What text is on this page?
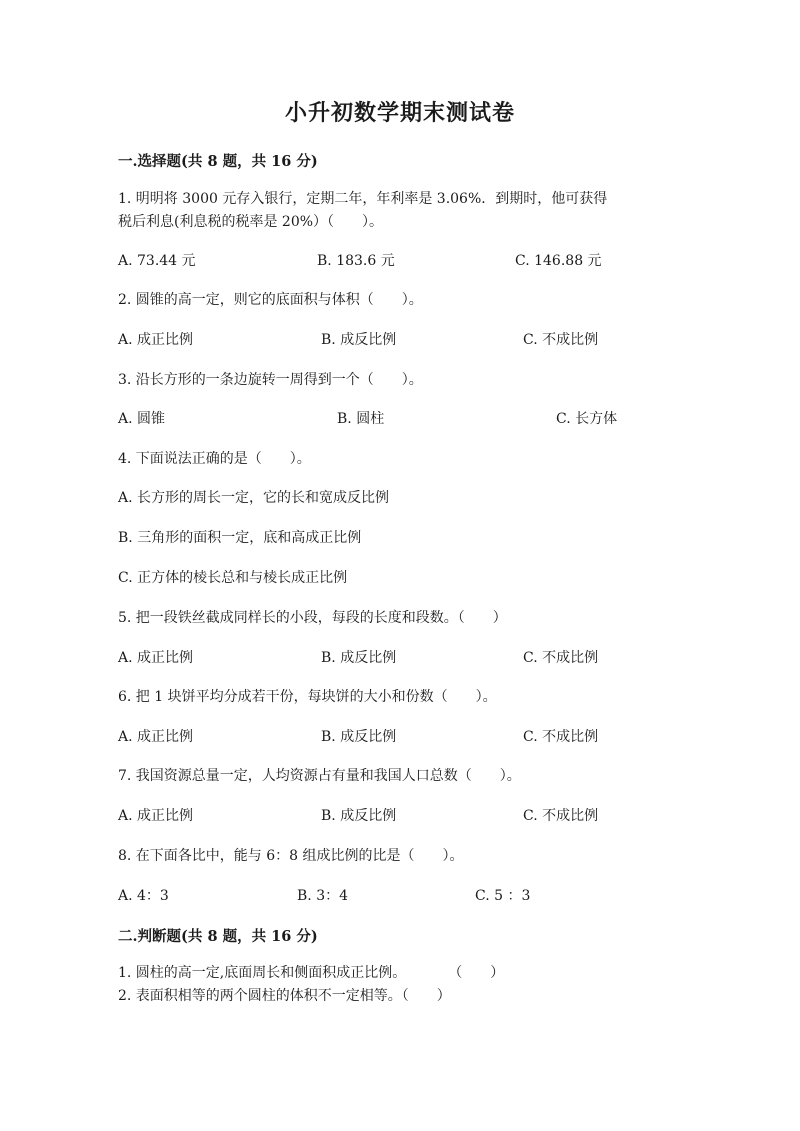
小升初数学期末测试卷
一.选择题(共 8 题，共 16 分)
1. 明明将 3000 元存入银行，定期二年，年利率是 3.06%．到期时，他可获得
税后利息(利息税的税率是 20%）（　　）。
A. 73.44 元	B. 183.6 元	C. 146.88 元
2. 圆锥的高一定，则它的底面积与体积（　　）。
A. 成正比例	B. 成反比例	C. 不成比例
3. 沿长方形的一条边旋转一周得到一个（　　）。
A. 圆锥	B. 圆柱	C. 长方体
4. 下面说法正确的是（　　）。
A. 长方形的周长一定，它的长和宽成反比例
B. 三角形的面积一定，底和高成正比例
C. 正方体的棱长总和与棱长成正比例
5. 把一段铁丝截成同样长的小段，每段的长度和段数。（　　）
A. 成正比例	B. 成反比例	C. 不成比例
6. 把 1 块饼平均分成若干份，每块饼的大小和份数（　　）。
A. 成正比例	B. 成反比例	C. 不成比例
7. 我国资源总量一定，人均资源占有量和我国人口总数（　　）。
A. 成正比例	B. 成反比例	C. 不成比例
8. 在下面各比中，能与 6：8 组成比例的比是（　　）。
A. 4：3	B. 3：4	C. 5 ：3
二.判断题(共 8 题，共 16 分)
1. 圆柱的高一定,底面周长和侧面积成正比例。　　　　（　　）
2. 表面积相等的两个圆柱的体积不一定相等。（　　）
